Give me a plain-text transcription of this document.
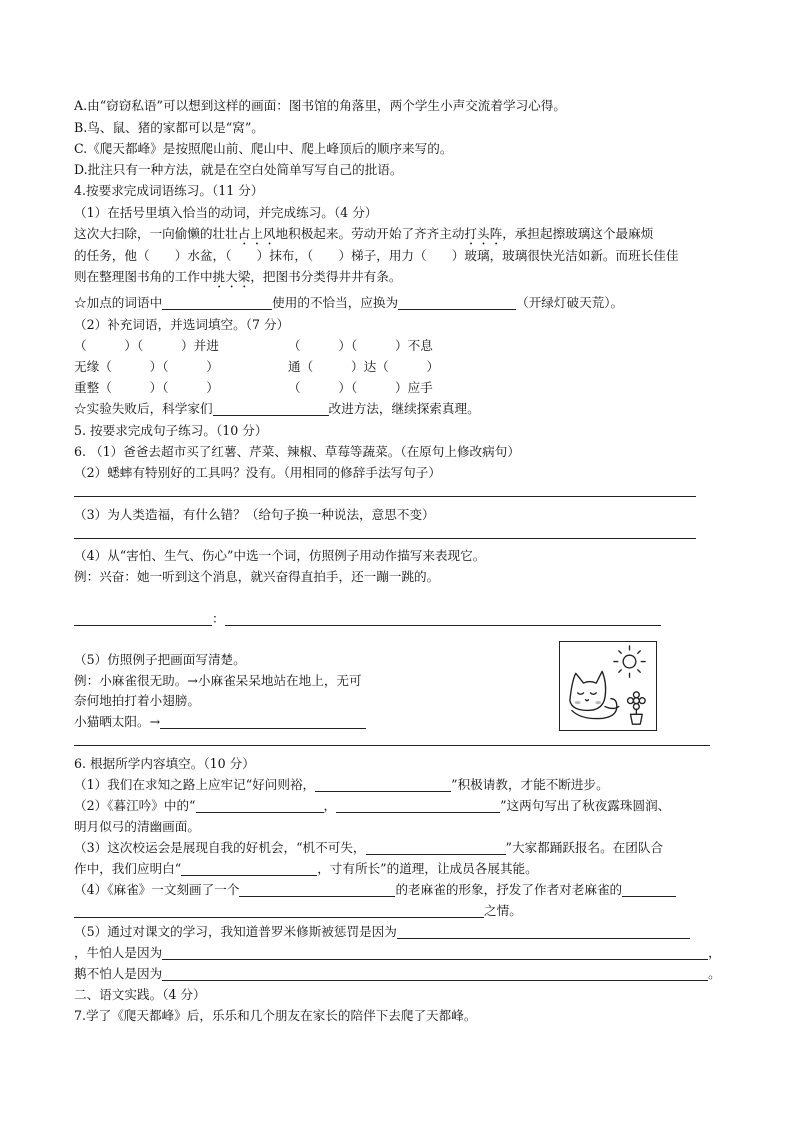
A.由“窃窃私语”可以想到这样的画面：图书馆的角落里，两个学生小声交流着学习心得。
B.鸟、鼠、猪的家都可以是“窝”。
C.《爬天都峰》是按照爬山前、爬山中、爬上峰顶后的顺序来写的。
D.批注只有一种方法，就是在空白处简单写写自己的批语。
4.按要求完成词语练习。（11 分）
（1）在括号里填入恰当的动词，并完成练习。（4 分）
这次大扫除，一向偷懒的壮壮占上风地积极起来。劳动开始了齐齐主动打头阵，承担起擦玻璃这个最麻烦
的任务，他（　　）水盆，（　　）抹布，（　　）梯子，用力（　　）玻璃，玻璃很快光洁如新。而班长佳佳
则在整理图书角的工作中挑大梁，把图书分类得井井有条。
☆加点的词语中	使用的不恰当，应换为	（开绿灯破天荒）。
（2）补充词语，并选词填空。（7 分）
（　　　）（　　　）并进	（　　　）（　　　）不息
无缘（　　　）（　　　）	通（　　　）达（　　　）
重整（　　　）（　　　）	（　　　）（　　　）应手
☆实验失败后，科学家们	改进方法，继续探索真理。
5. 按要求完成句子练习。（10 分）
6. （1）爸爸去超市买了红薯、芹菜、辣椒、草莓等蔬菜。（在原句上修改病句）
（2）蟋蟀有特别好的工具吗？没有。（用相同的修辞手法写句子）
（3）为人类造福，有什么错？（给句子换一种说法，意思不变）
（4）从“害怕、生气、伤心”中选一个词，仿照例子用动作描写来表现它。
例：兴奋：她一听到这个消息，就兴奋得直拍手，还一蹦一跳的。
：
（5）仿照例子把画面写清楚。
例：小麻雀很无助。→小麻雀呆呆地站在地上，无可
奈何地拍打着小翅膀。
小猫晒太阳。→
6. 根据所学内容填空。（10 分）
（1）我们在求知之路上应牢记“好问则裕，	”积极请教，才能不断进步。
（2）《暮江吟》中的“	，	”这两句写出了秋夜露珠圆润、
明月似弓的清幽画面。
（3）这次校运会是展现自我的好机会，“机不可失，	”大家都踊跃报名。在团队合
作中，我们应明白“	，寸有所长”的道理，让成员各展其能。
（4）《麻雀》一文刻画了一个	的老麻雀的形象，抒发了作者对老麻雀的
之情。
（5）通过对课文的学习，我知道普罗米修斯被惩罚是因为
，牛怕人是因为	，
鹅不怕人是因为	。
二、语文实践。（4 分）
7.学了《爬天都峰》后，乐乐和几个朋友在家长的陪伴下去爬了天都峰。
